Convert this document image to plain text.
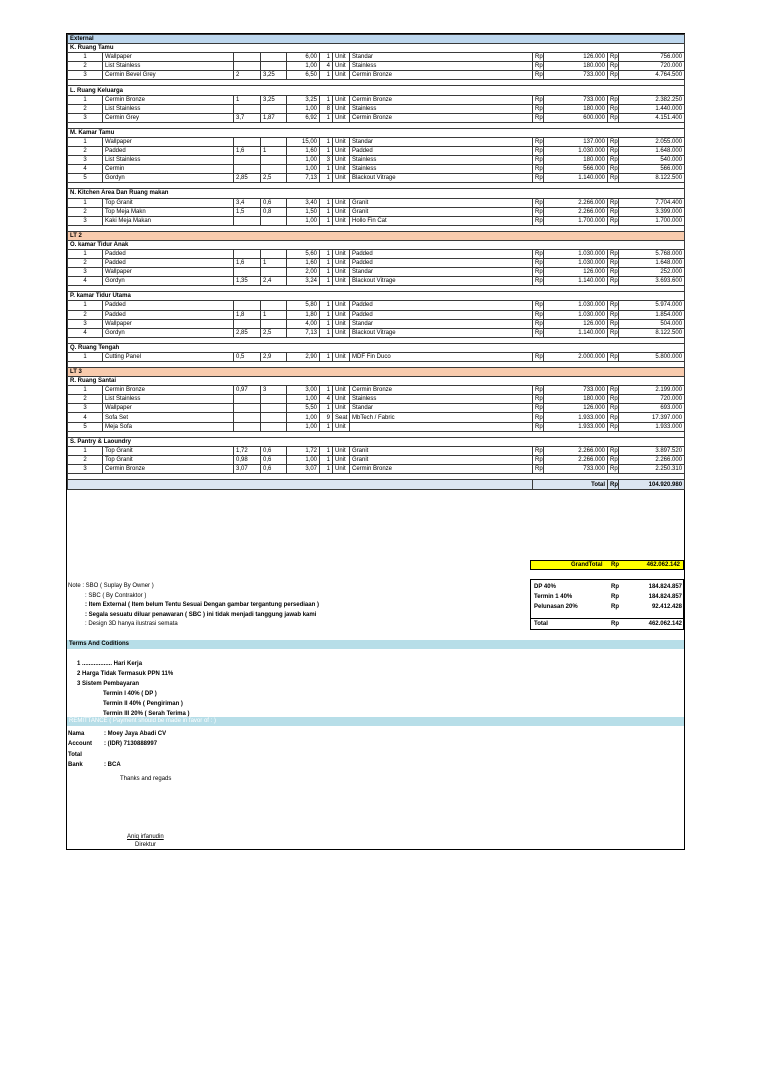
External											
K. Ruang Tamu											
1	Wallpaper			6,00	1	Unit	Standar	Rp	126.000	Rp	756.000
2	List Stainless			1,00	4	Unit	Stainless	Rp	180.000	Rp	720.000
3	Cermin Bevel Grey	2	3,25	6,50	1	Unit	Cermin Bronze	Rp	733.000	Rp	4.764.500

L. Ruang Keluarga											
1	Cermin Bronze	1	3,25	3,25	1	Unit	Cermin Bronze	Rp	733.000	Rp	2.382.250
2	List Stainless			1,00	8	Unit	Stainless	Rp	180.000	Rp	1.440.000
3	Cermin Grey	3,7	1,87	6,92	1	Unit	Cermin Bronze	Rp	600.000	Rp	4.151.400

M. Kamar Tamu											
1	Wallpaper			15,00	1	Unit	Standar	Rp	137.000	Rp	2.055.000
2	Padded	1,6	1	1,60	1	Unit	Padded	Rp	1.030.000	Rp	1.648.000
3	List Stainless			1,00	3	Unit	Stainless	Rp	180.000	Rp	540.000
4	Cermin			1,00	1	Unit	Stainless	Rp	566.000	Rp	566.000
5	Gordyn	2,85	2,5	7,13	1	Unit	Blackout Vitrage	Rp	1.140.000	Rp	8.122.500

N. Kitchen Area Dan Ruang makan											
1	Top Granit	3,4	0,6	3,40	1	Unit	Granit	Rp	2.266.000	Rp	7.704.400
2	Top Meja Makn	1,5	0,8	1,50	1	Unit	Granit	Rp	2.266.000	Rp	3.399.000
3	Kaki Meja Makan			1,00	1	Unit	Hollo Fin Cat	Rp	1.700.000	Rp	1.700.000

LT 2											
O. kamar Tidur Anak											
1	Padded			5,60	1	Unit	Padded	Rp	1.030.000	Rp	5.768.000
2	Padded	1,6	1	1,60	1	Unit	Padded	Rp	1.030.000	Rp	1.648.000
3	Wallpaper			2,00	1	Unit	Standar	Rp	126.000	Rp	252.000
4	Gordyn	1,35	2,4	3,24	1	Unit	Blackout Vitrage	Rp	1.140.000	Rp	3.693.600

P. kamar Tidur Utama											
1	Padded			5,80	1	Unit	Padded	Rp	1.030.000	Rp	5.974.000
2	Padded	1,8	1	1,80	1	Unit	Padded	Rp	1.030.000	Rp	1.854.000
3	Wallpaper			4,00	1	Unit	Standar	Rp	126.000	Rp	504.000
4	Gordyn	2,85	2,5	7,13	1	Unit	Blackout Vitrage	Rp	1.140.000	Rp	8.122.500

Q. Ruang Tengah											
1	Cutting Panel	0,5	2,9	2,90	1	Unit	MDF Fin Duco	Rp	2.000.000	Rp	5.800.000

LT 3											
R. Ruang Santai											
1	Cermin Bronze	0,97	3	3,00	1	Unit	Cermin Bronze	Rp	733.000	Rp	2.199.000
2	List Stainless			1,00	4	Unit	Stainless	Rp	180.000	Rp	720.000
3	Wallpaper			5,50	1	Unit	Standar	Rp	126.000	Rp	693.000
4	Sofa Set			1,00	9	Seat	MbTech / Fabric	Rp	1.933.000	Rp	17.397.000
5	Meja Sofa			1,00	1	Unit		Rp	1.933.000	Rp	1.933.000

S. Pantry & Laoundry											
1	Top Granit	1,72	0,6	1,72	1	Unit	Granit	Rp	2.266.000	Rp	3.897.520
2	Top Granit	0,98	0,6	1,00	1	Unit	Granit	Rp	2.266.000	Rp	2.266.000
3	Cermin Bronze	3,07	0,6	3,07	1	Unit	Cermin Bronze	Rp	733.000	Rp	2.250.310

								Total		Rp	104.920.980
GrandTotal Rp	462.062.142
DP 40%	Rp	184.824.857
Termin 1 40%	Rp	184.824.857
Pelunasan 20%	Rp	92.412.428
Total	Rp	462.062.142
Note : SBO ( Suplay By Owner )
: SBC ( By Contraktor )
: Item External ( Item belum Tentu Sesuai Dengan gambar tergantung persediaan )
: Segala sesuatu diluar penawaran ( SBC ) ini tidak menjadi tanggung jawab kami
: Design 3D hanya ilustrasi semata
Terms And Coditions
1 .................. Hari Kerja
2 Harga Tidak Termasuk PPN 11%
3 Sistem Pembayaran
Termin I 40% ( DP )
Termin II 40% ( Pengiriman )
Termin III 20% ( Serah Terima )
REMITTANCE ( Payment should be made in favor of : )
Nama	: Moey Jaya Abadi CV
Account : (IDR) 7130888997
Total
Bank	: BCA
Thanks and regads
Aniq irfanudin
Direktur
